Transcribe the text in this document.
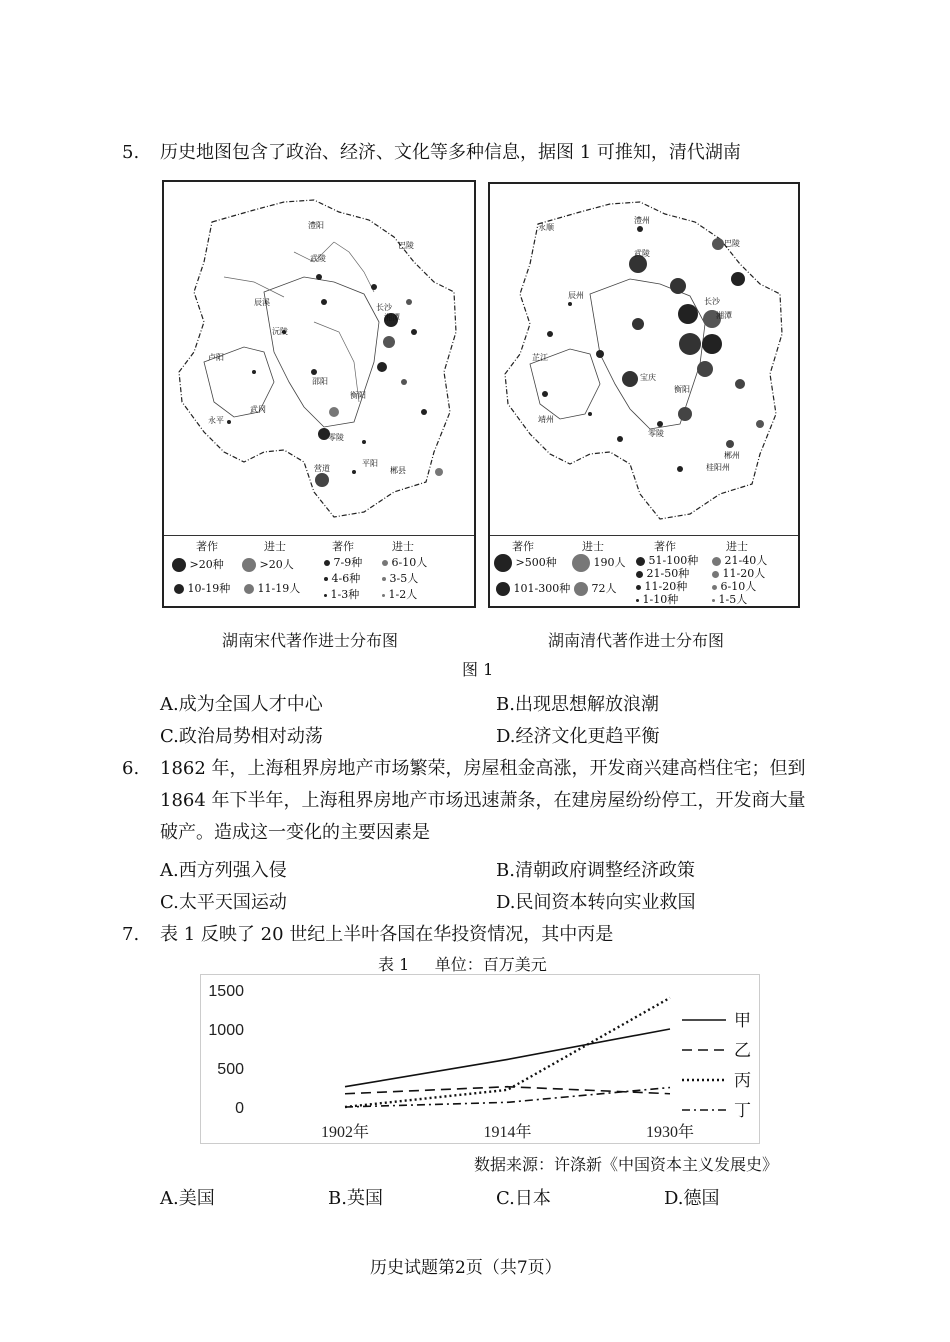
5. 历史地图包含了政治、经济、文化等多种信息，据图 1 可推知，清代湖南
著作	进士	著作	进士
>20种	>20人
10-19种	11-19人
7-9种	6-10人
4-6种	3-5人
1-3种	1-2人
著作	进士	著作	进士
>500种	190人
101-300种	72人
51-100种	21-40人
21-50种	11-20人
11-20种	6-10人
1-10种	1-5人
澧阳
武陵
巴陵
长沙
湘潭
衡阳
邵阳
辰溪
沅陵
卢阳
永平
零陵
平阳
郴县
营道
武冈
澧州
永顺
武陵
巴陵
长沙
湘潭
衡阳
宝庆
辰州
芷江
靖州
零陵
桂阳州
郴州
湖南宋代著作进士分布图	湖南清代著作进士分布图
图 1
A.成为全国人才中心	B.出现思想解放浪潮
C.政治局势相对动荡	D.经济文化更趋平衡
6. 1862 年，上海租界房地产市场繁荣，房屋租金高涨，开发商兴建高档住宅；但到
1864 年下半年，上海租界房地产市场迅速萧条，在建房屋纷纷停工，开发商大量
破产。造成这一变化的主要因素是
A.西方列强入侵	B.清朝政府调整经济政策
C.太平天国运动	D.民间资本转向实业救国
7. 表 1 反映了 20 世纪上半叶各国在华投资情况，其中丙是
表 1     单位：百万美元
0
500
1000
1500
1902年	1914年	1930年
甲
乙
丙
丁
数据来源：许涤新《中国资本主义发展史》
A.美国	B.英国	C.日本	D.德国
历史试题第2页（共7页）
